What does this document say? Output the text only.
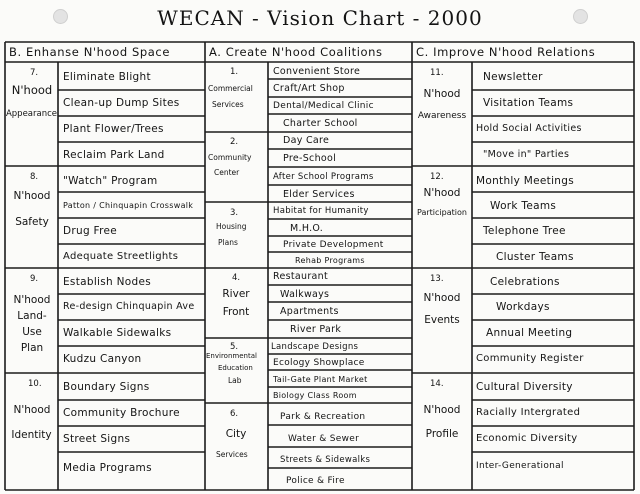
WECAN - Vision Chart - 2000
B. Enhanse N'hood Space	A. Create N'hood Coalitions	C. Improve N'hood Relations
7.
N'hood
Appearance
Eliminate Blight
Clean-up Dump Sites
Plant Flower/Trees
Reclaim Park Land
8.
N'hood
Safety
"Watch" Program
Patton / Chinquapin Crosswalk
Drug Free
Adequate Streetlights
9.
N'hood
Land-
Use
Plan
Establish Nodes
Re-design Chinquapin Ave
Walkable Sidewalks
Kudzu Canyon
10.
N'hood
Identity
Boundary Signs
Community Brochure
Street Signs
Media Programs
1.
Commercial
Services
Convenient Store
Craft/Art Shop
Dental/Medical Clinic
Charter School
2.
Community
Center
Day Care
Pre-School
After School Programs
Elder Services
3.
Housing
Plans
Habitat for Humanity
M.H.O.
Private Development
Rehab Programs
4.
River
Front
Restaurant
Walkways
Apartments
River Park
5.
Environmental
Education
Lab
Landscape Designs
Ecology Showplace
Tail-Gate Plant Market
Biology Class Room
6.
City
Services
Park & Recreation
Water & Sewer
Streets & Sidewalks
Police & Fire
11.
N'hood
Awareness
Newsletter
Visitation Teams
Hold Social Activities
"Move in" Parties
12.
N'hood
Participation
Monthly Meetings
Work Teams
Telephone Tree
Cluster Teams
13.
N'hood
Events
Celebrations
Workdays
Annual Meeting
Community Register
14.
N'hood
Profile
Cultural Diversity
Racially Intergrated
Economic Diversity
Inter-Generational
